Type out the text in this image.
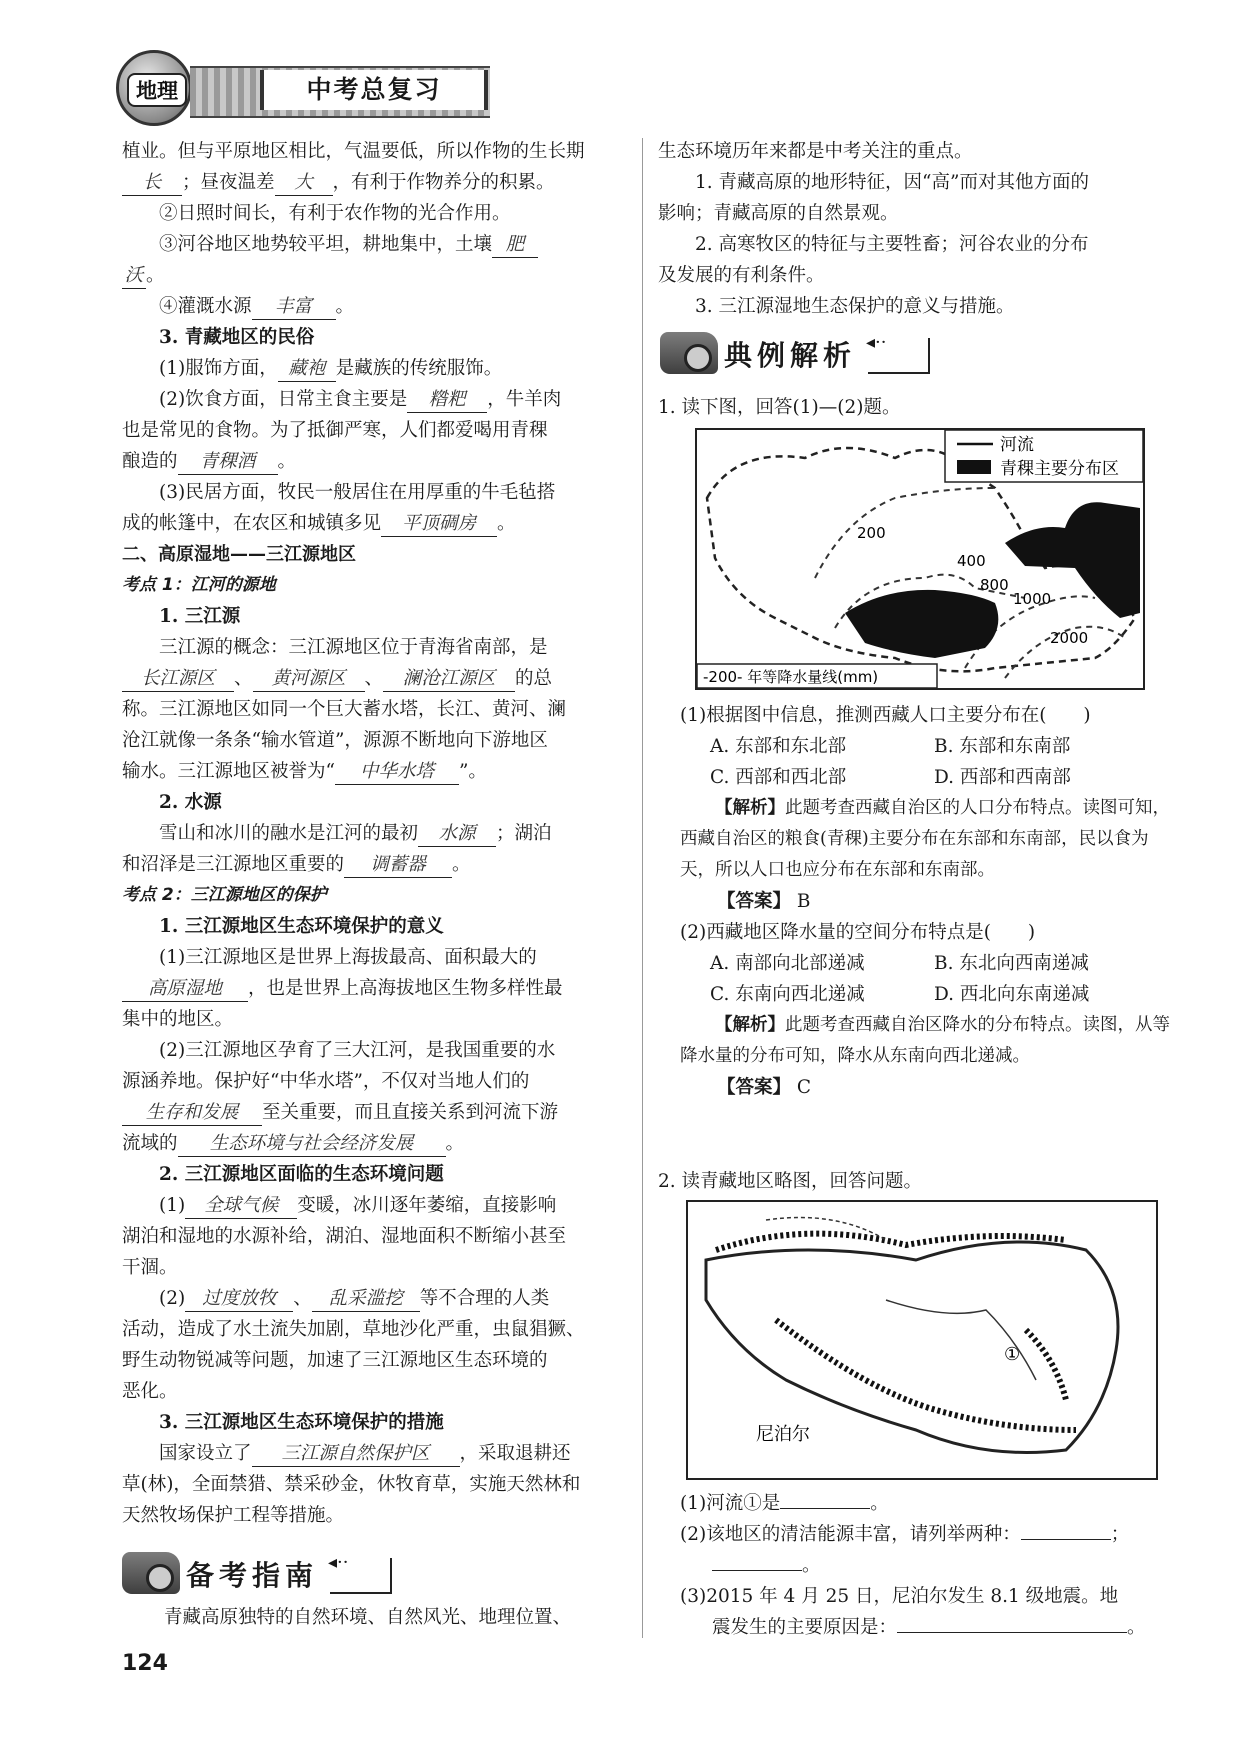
地理	中考总复习

植业。但与平原地区相比，气温要低，所以作物的生长期

长 ；昼夜温差 大 ，有利于作物养分的积累。

②日照时间长，有利于农作物的光合作用。

③河谷地区地势较平坦，耕地集中，土壤 肥

沃 。

④灌溉水源 丰富 。

3. 青藏地区的民俗

(1)服饰方面， 藏袍 是藏族的传统服饰。

(2)饮食方面，日常主食主要是 糌粑 ，牛羊肉

也是常见的食物。为了抵御严寒，人们都爱喝用青稞

酿造的 青稞酒 。

(3)民居方面，牧民一般居住在用厚重的牛毛毡搭

成的帐篷中，在农区和城镇多见 平顶碉房 。

二、高原湿地——三江源地区

考点 1：江河的源地

1. 三江源

三江源的概念：三江源地区位于青海省南部，是

长江源区 、 黄河源区 、 澜沧江源区 的总

称。三江源地区如同一个巨大蓄水塔，长江、黄河、澜

沧江就像一条条“输水管道”，源源不断地向下游地区

输水。三江源地区被誉为“ 中华水塔 ”。

2. 水源

雪山和冰川的融水是江河的最初 水源 ；湖泊

和沼泽是三江源地区重要的 调蓄器 。

考点 2：三江源地区的保护

1. 三江源地区生态环境保护的意义

(1)三江源地区是世界上海拔最高、面积最大的

高原湿地 ，也是世界上高海拔地区生物多样性最

集中的地区。

(2)三江源地区孕育了三大江河，是我国重要的水

源涵养地。保护好“中华水塔”，不仅对当地人们的

生存和发展 至关重要，而且直接关系到河流下游

流域的 生态环境与社会经济发展 。

2. 三江源地区面临的生态环境问题

(1) 全球气候 变暖，冰川逐年萎缩，直接影响

湖泊和湿地的水源补给，湖泊、湿地面积不断缩小甚至

干涸。

(2) 过度放牧 、 乱采滥挖 等不合理的人类

活动，造成了水土流失加剧，草地沙化严重，虫鼠猖獗、

野生动物锐减等问题，加速了三江源地区生态环境的

恶化。

3. 三江源地区生态环境保护的措施

国家设立了 三江源自然保护区 ，采取退耕还

草(林)，全面禁猎、禁采砂金，休牧育草，实施天然林和

天然牧场保护工程等措施。

备考指南
◂··

青藏高原独特的自然环境、自然风光、地理位置、

生态环境历年来都是中考关注的重点。

1. 青藏高原的地形特征，因“高”而对其他方面的

影响；青藏高原的自然景观。

2. 高寒牧区的特征与主要牲畜；河谷农业的分布

及发展的有利条件。

3. 三江源湿地生态保护的意义与措施。

典例解析
◂··

1. 读下图，回答(1)—(2)题。

河流
青稞主要分布区
200
400
800
1000
2000
-200- 年等降水量线(mm)

(1)根据图中信息，推测西藏人口主要分布在(　　)

A. 东部和东北部	B. 东部和东南部
C. 西部和西北部	D. 西部和西南部

【解析】此题考查西藏自治区的人口分布特点。读图可知，西藏自治区的粮食(青稞)主要分布在东部和东南部，民以食为天，所以人口也应分布在东部和东南部。

【答案】 B

(2)西藏地区降水量的空间分布特点是(　　)

A. 南部向北部递减	B. 东北向西南递减
C. 东南向西北递减	D. 西北向东南递减

【解析】此题考查西藏自治区降水的分布特点。读图，从等降水量的分布可知，降水从东南向西北递减。

【答案】 C

2. 读青藏地区略图，回答问题。

①
尼泊尔

(1)河流①是	。

(2)该地区的清洁能源丰富，请列举两种：	；

。

(3)2015 年 4 月 25 日，尼泊尔发生 8.1 级地震。地

震发生的主要原因是：	。

124
